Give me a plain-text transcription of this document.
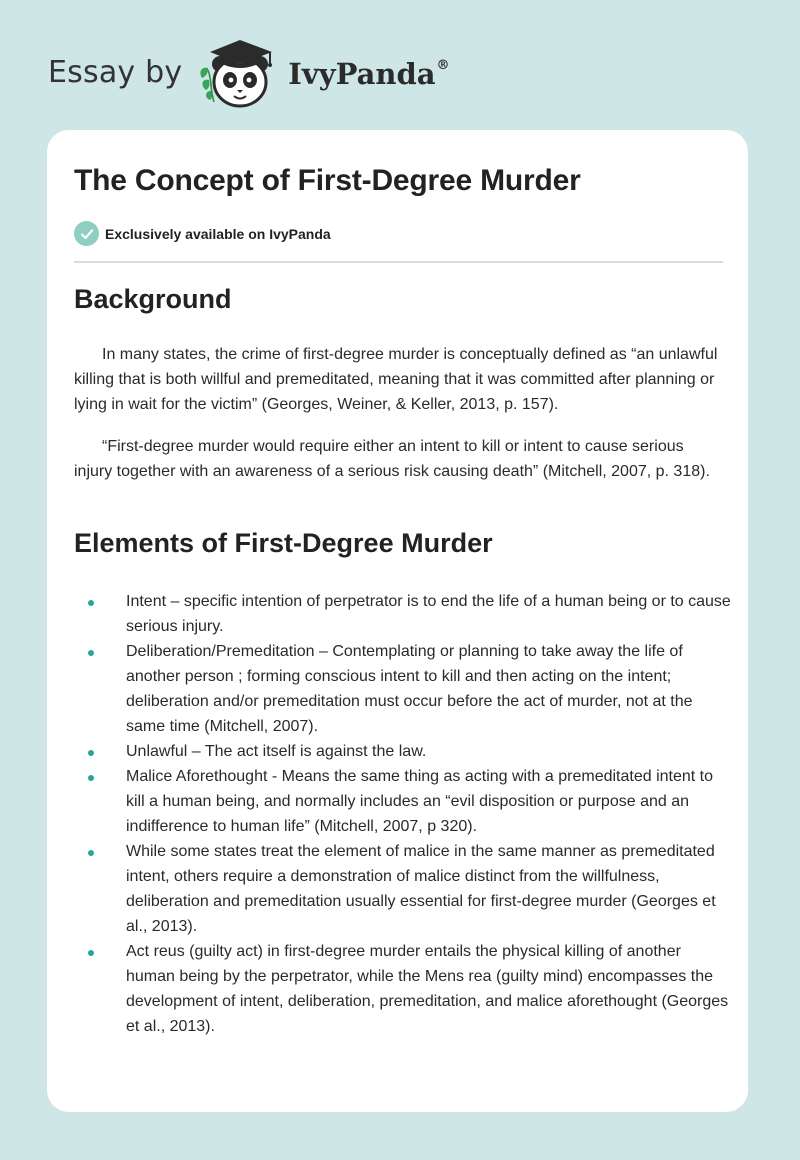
Essay by	IvyPanda®
The Concept of First-Degree Murder
Exclusively available on IvyPanda
Background

In many states, the crime of first-degree murder is conceptually defined as “an unlawful killing that is both willful and premeditated, meaning that it was committed after planning or lying in wait for the victim” (Georges, Weiner, & Keller, 2013, p. 157).

“First-degree murder would require either an intent to kill or intent to cause serious injury together with an awareness of a serious risk causing death” (Mitchell, 2007, p. 318).

Elements of First-Degree Murder
Intent – specific intention of perpetrator is to end the life of a human being or to cause serious injury.
Deliberation/Premeditation – Contemplating or planning to take away the life of another person ; forming conscious intent to kill and then acting on the intent; deliberation and/or premeditation must occur before the act of murder, not at the same time (Mitchell, 2007).
Unlawful – The act itself is against the law.
Malice Aforethought - Means the same thing as acting with a premeditated intent to kill a human being, and normally includes an “evil disposition or purpose and an indifference to human life” (Mitchell, 2007, p 320).
While some states treat the element of malice in the same manner as premeditated intent, others require a demonstration of malice distinct from the willfulness, deliberation and premeditation usually essential for first-degree murder (Georges et al., 2013).
Act reus (guilty act) in first-degree murder entails the physical killing of another human being by the perpetrator, while the Mens rea (guilty mind) encompasses the development of intent, deliberation, premeditation, and malice aforethought (Georges et al., 2013).
